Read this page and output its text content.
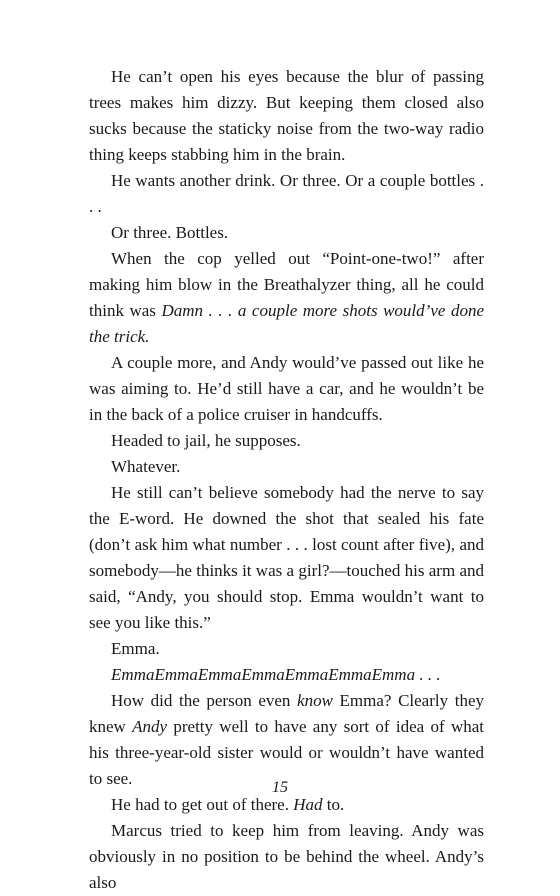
He can’t open his eyes because the blur of passing trees makes him dizzy. But keeping them closed also sucks because the staticky noise from the two-way radio thing keeps stabbing him in the brain.

He wants another drink. Or three. Or a couple bottles . . .

Or three. Bottles.

When the cop yelled out “Point-one-two!” after making him blow in the Breathalyzer thing, all he could think was Damn . . . a couple more shots would’ve done the trick.

A couple more, and Andy would’ve passed out like he was aiming to. He’d still have a car, and he wouldn’t be in the back of a police cruiser in handcuffs.

Headed to jail, he supposes.

Whatever.

He still can’t believe somebody had the nerve to say the E-word. He downed the shot that sealed his fate (don’t ask him what number . . . lost count after five), and somebody—he thinks it was a girl?—touched his arm and said, “Andy, you should stop. Emma wouldn’t want to see you like this.”

Emma.

EmmaEmmaEmmaEmmaEmmaEmmaEmma . . .

How did the person even know Emma? Clearly they knew Andy pretty well to have any sort of idea of what his three-year-old sister would or wouldn’t have wanted to see.

He had to get out of there. Had to.

Marcus tried to keep him from leaving. Andy was obviously in no position to be behind the wheel. Andy’s also

15
